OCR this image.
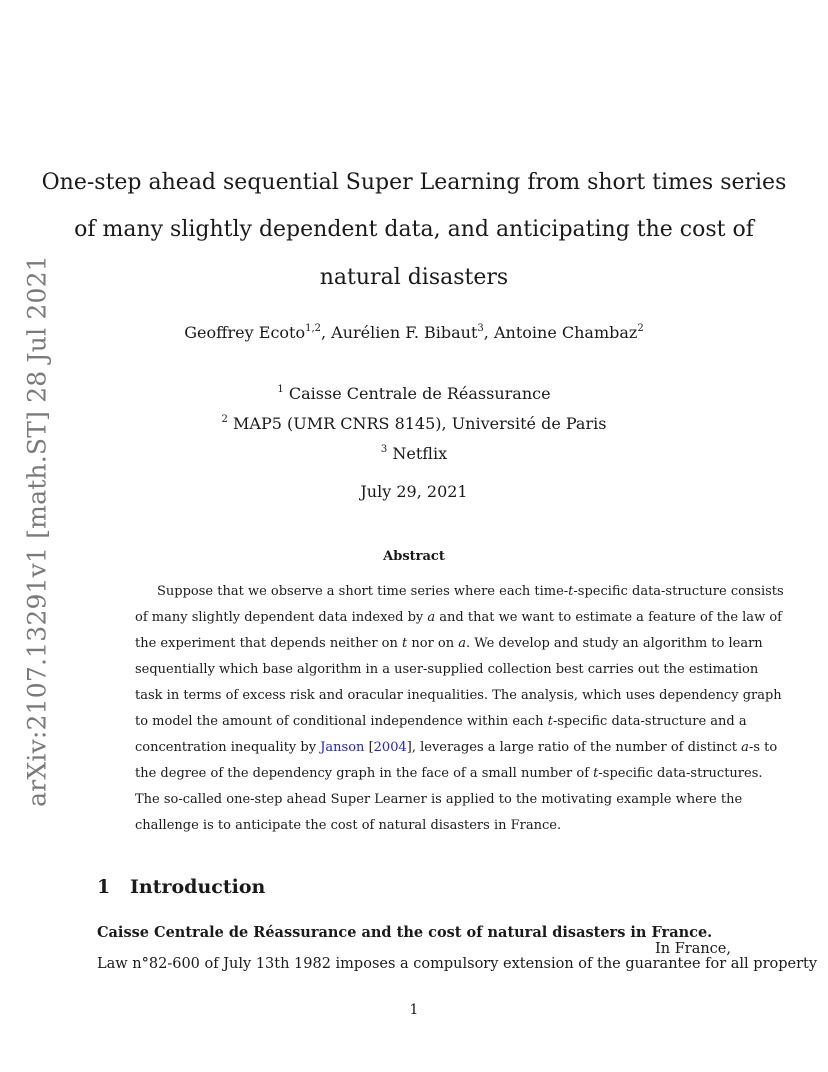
arXiv:2107.13291v1 [math.ST] 28 Jul 2021
One-step ahead sequential Super Learning from short times series
of many slightly dependent data, and anticipating the cost of
natural disasters
Geoffrey Ecoto$^{1,2}$, Aurélien F. Bibaut$^3$, Antoine Chambaz$^2$
$^1$ Caisse Centrale de Réassurance
$^2$ MAP5 (UMR CNRS 8145), Université de Paris
$^3$ Netflix
July 29, 2021
Abstract
Suppose that we observe a short time series where each time-t-specific data-structure consists
of many slightly dependent data indexed by a and that we want to estimate a feature of the law of
the experiment that depends neither on t nor on a. We develop and study an algorithm to learn
sequentially which base algorithm in a user-supplied collection best carries out the estimation
task in terms of excess risk and oracular inequalities. The analysis, which uses dependency graph
to model the amount of conditional independence within each t-specific data-structure and a
concentration inequality by Janson [2004], leverages a large ratio of the number of distinct a-s to
the degree of the dependency graph in the face of a small number of t-specific data-structures.
The so-called one-step ahead Super Learner is applied to the motivating example where the
challenge is to anticipate the cost of natural disasters in France.
1 Introduction
Caisse Centrale de Réassurance and the cost of natural disasters in France.
In France,
Law n°82-600 of July 13th 1982 imposes a compulsory extension of the guarantee for all property
1
